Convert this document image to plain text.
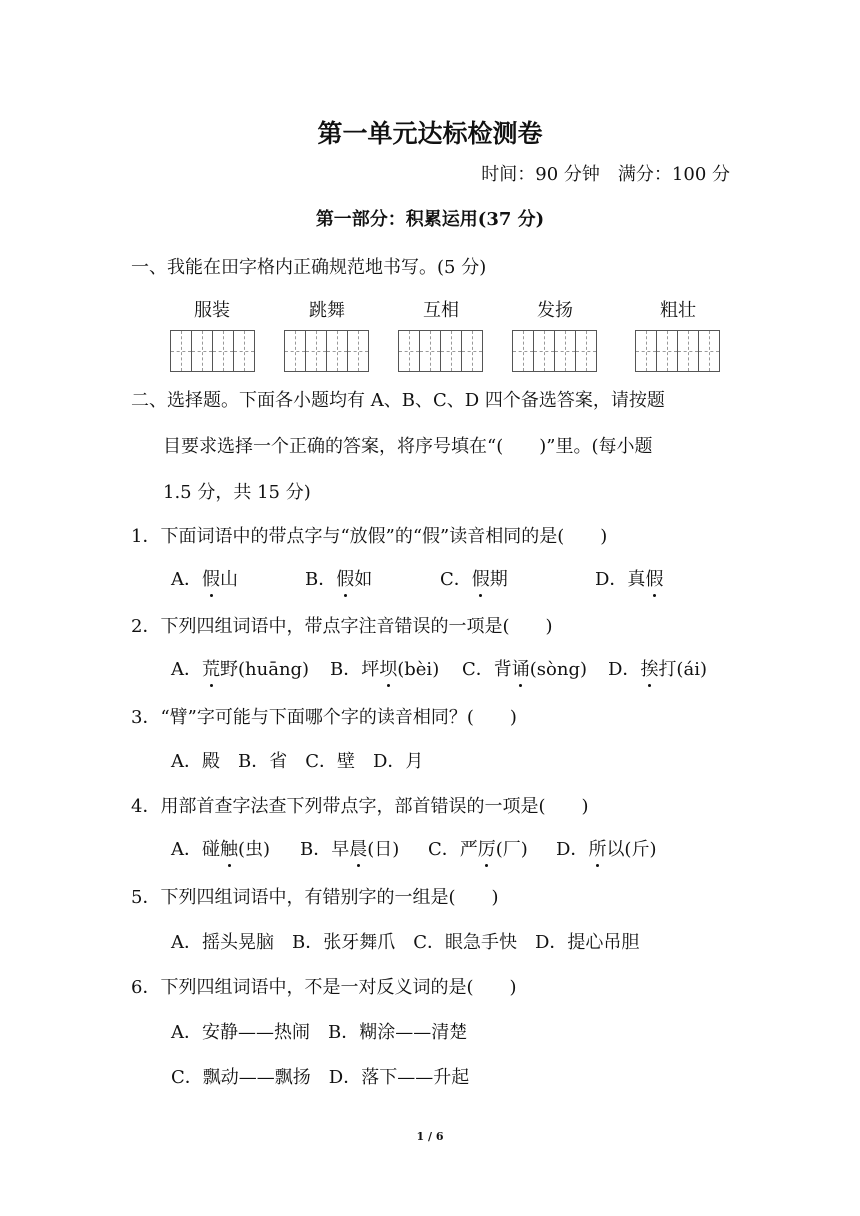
第一单元达标检测卷
时间：90 分钟　满分：100 分
第一部分：积累运用(37 分)
一、我能在田字格内正确规范地书写。(5 分)
服装	跳舞	互相	发扬	粗壮
二、选择题。下面各小题均有 A、B、C、D 四个备选答案，请按题
目要求选择一个正确的答案，将序号填在“(　　)”里。(每小题
1.5 分，共 15 分)
1．下面词语中的带点字与“放假”的“假”读音相同的是(　　)
A．假山	B．假如	C．假期	D．真假
2．下列四组词语中，带点字注音错误的一项是(　　)
A．荒野(huāng) B．坪坝(bèi) C．背诵(sòng) D．挨打(ái)
3．“臂”字可能与下面哪个字的读音相同？(　　)
A．殿　B．省　C．壁　D．月
4．用部首查字法查下列带点字，部首错误的一项是(　　)
A．碰触(虫) B．早晨(日) C．严厉(厂) D．所以(斤)
5．下列四组词语中，有错别字的一组是(　　)
A．摇头晃脑　B．张牙舞爪　C．眼急手快　D．提心吊胆
6．下列四组词语中，不是一对反义词的是(　　)
A．安静——热闹　B．糊涂——清楚
C．飘动——飘扬　D．落下——升起
1 / 6
